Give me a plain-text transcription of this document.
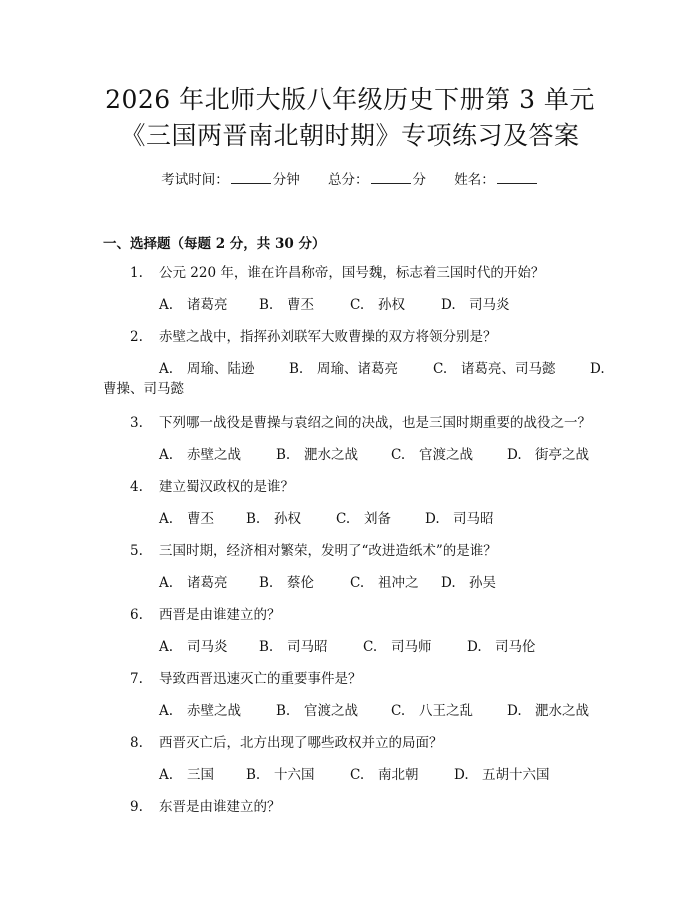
2026 年北师大版八年级历史下册第 3 单元
《三国两晋南北朝时期》专项练习及答案
考试时间：	分钟 总分：	分 姓名：
一、选择题（每题 2 分，共 30 分）
1. 公元 220 年，谁在许昌称帝，国号魏，标志着三国时代的开始？
A. 诸葛亮 B. 曹丕	C. 孙权	D. 司马炎
2. 赤壁之战中，指挥孙刘联军大败曹操的双方将领分别是？
A. 周瑜、陆逊	B. 周瑜、诸葛亮	C. 诸葛亮、司马懿	D.
曹操、司马懿
3. 下列哪一战役是曹操与袁绍之间的决战，也是三国时期重要的战役之一？
A. 赤壁之战	B. 淝水之战 C. 官渡之战	D. 街亭之战
4. 建立蜀汉政权的是谁？
A. 曹丕 B. 孙权	C. 刘备	D. 司马昭
5. 三国时期，经济相对繁荣，发明了“改进造纸术”的是谁？
A. 诸葛亮 B. 蔡伦	C. 祖冲之 D. 孙吴
6. 西晋是由谁建立的？
A. 司马炎 B. 司马昭	C. 司马师	D. 司马伦
7. 导致西晋迅速灭亡的重要事件是？
A. 赤壁之战	B. 官渡之战 C. 八王之乱	D. 淝水之战
8. 西晋灭亡后，北方出现了哪些政权并立的局面？
A. 三国 B. 十六国	C. 南北朝	D. 五胡十六国
9. 东晋是由谁建立的？
